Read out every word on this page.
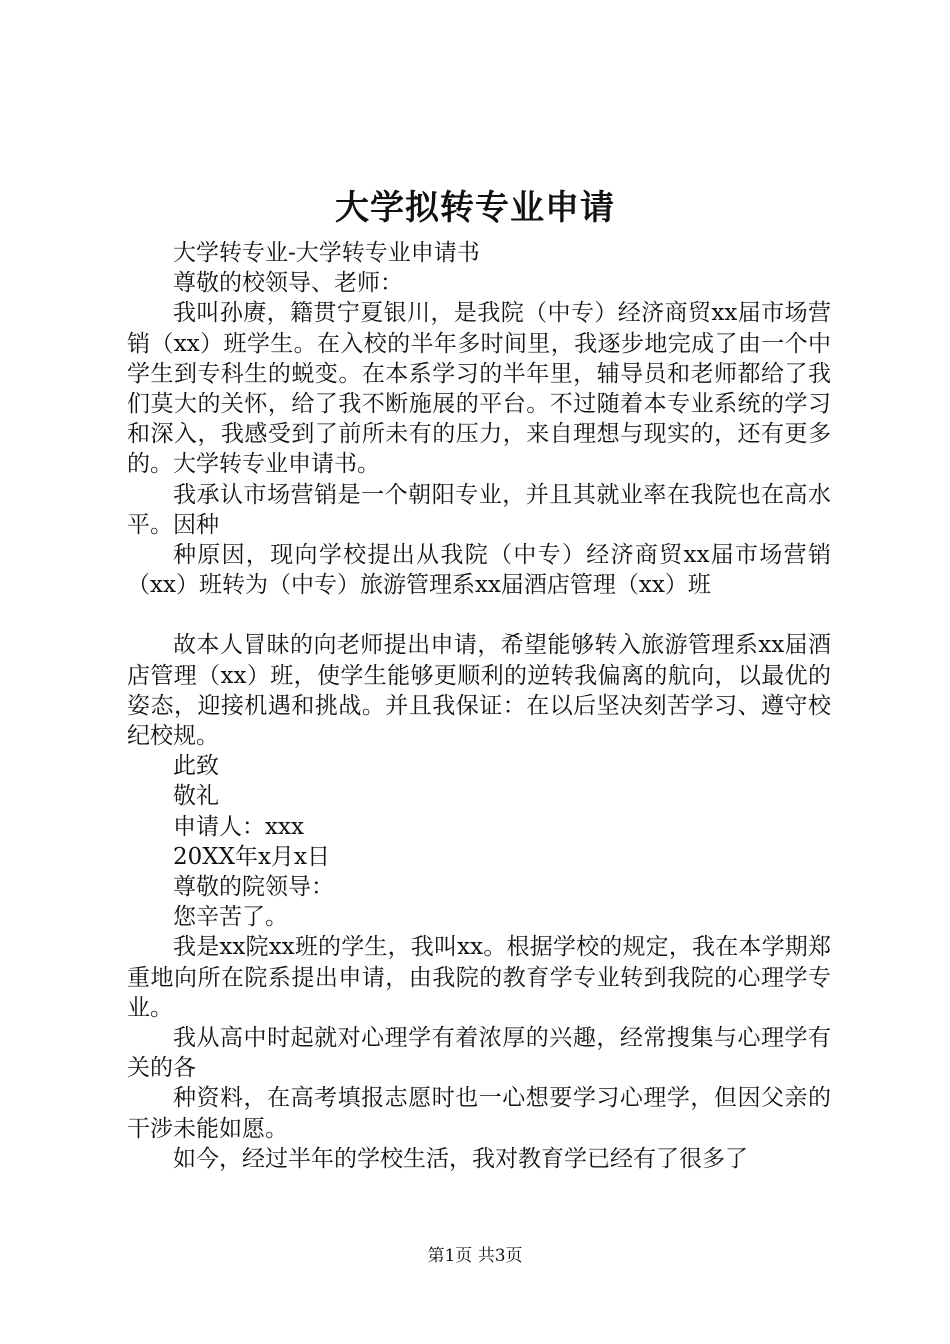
大学拟转专业申请

大学转专业-大学转专业申请书

尊敬的校领导、老师：

我叫孙赓，籍贯宁夏银川，是我院（中专）经济商贸xx届市场营销（xx）班学生。在入校的半年多时间里，我逐步地完成了由一个中学生到专科生的蜕变。在本系学习的半年里，辅导员和老师都给了我们莫大的关怀，给了我不断施展的平台。不过随着本专业系统的学习和深入，我感受到了前所未有的压力，来自理想与现实的，还有更多的。大学转专业申请书。

我承认市场营销是一个朝阳专业，并且其就业率在我院也在高水平。因种

种原因，现向学校提出从我院（中专）经济商贸xx届市场营销（xx）班转为（中专）旅游管理系xx届酒店管理（xx）班

故本人冒昧的向老师提出申请，希望能够转入旅游管理系xx届酒店管理（xx）班，使学生能够更顺利的逆转我偏离的航向，以最优的姿态，迎接机遇和挑战。并且我保证：在以后坚决刻苦学习、遵守校纪校规。

此致

敬礼

申请人：xxx

20XX年x月x日

尊敬的院领导：

您辛苦了。

我是xx院xx班的学生，我叫xx。根据学校的规定，我在本学期郑重地向所在院系提出申请，由我院的教育学专业转到我院的心理学专业。

我从高中时起就对心理学有着浓厚的兴趣，经常搜集与心理学有关的各

种资料，在高考填报志愿时也一心想要学习心理学，但因父亲的干涉未能如愿。

如今，经过半年的学校生活，我对教育学已经有了很多了

第1页 共3页
